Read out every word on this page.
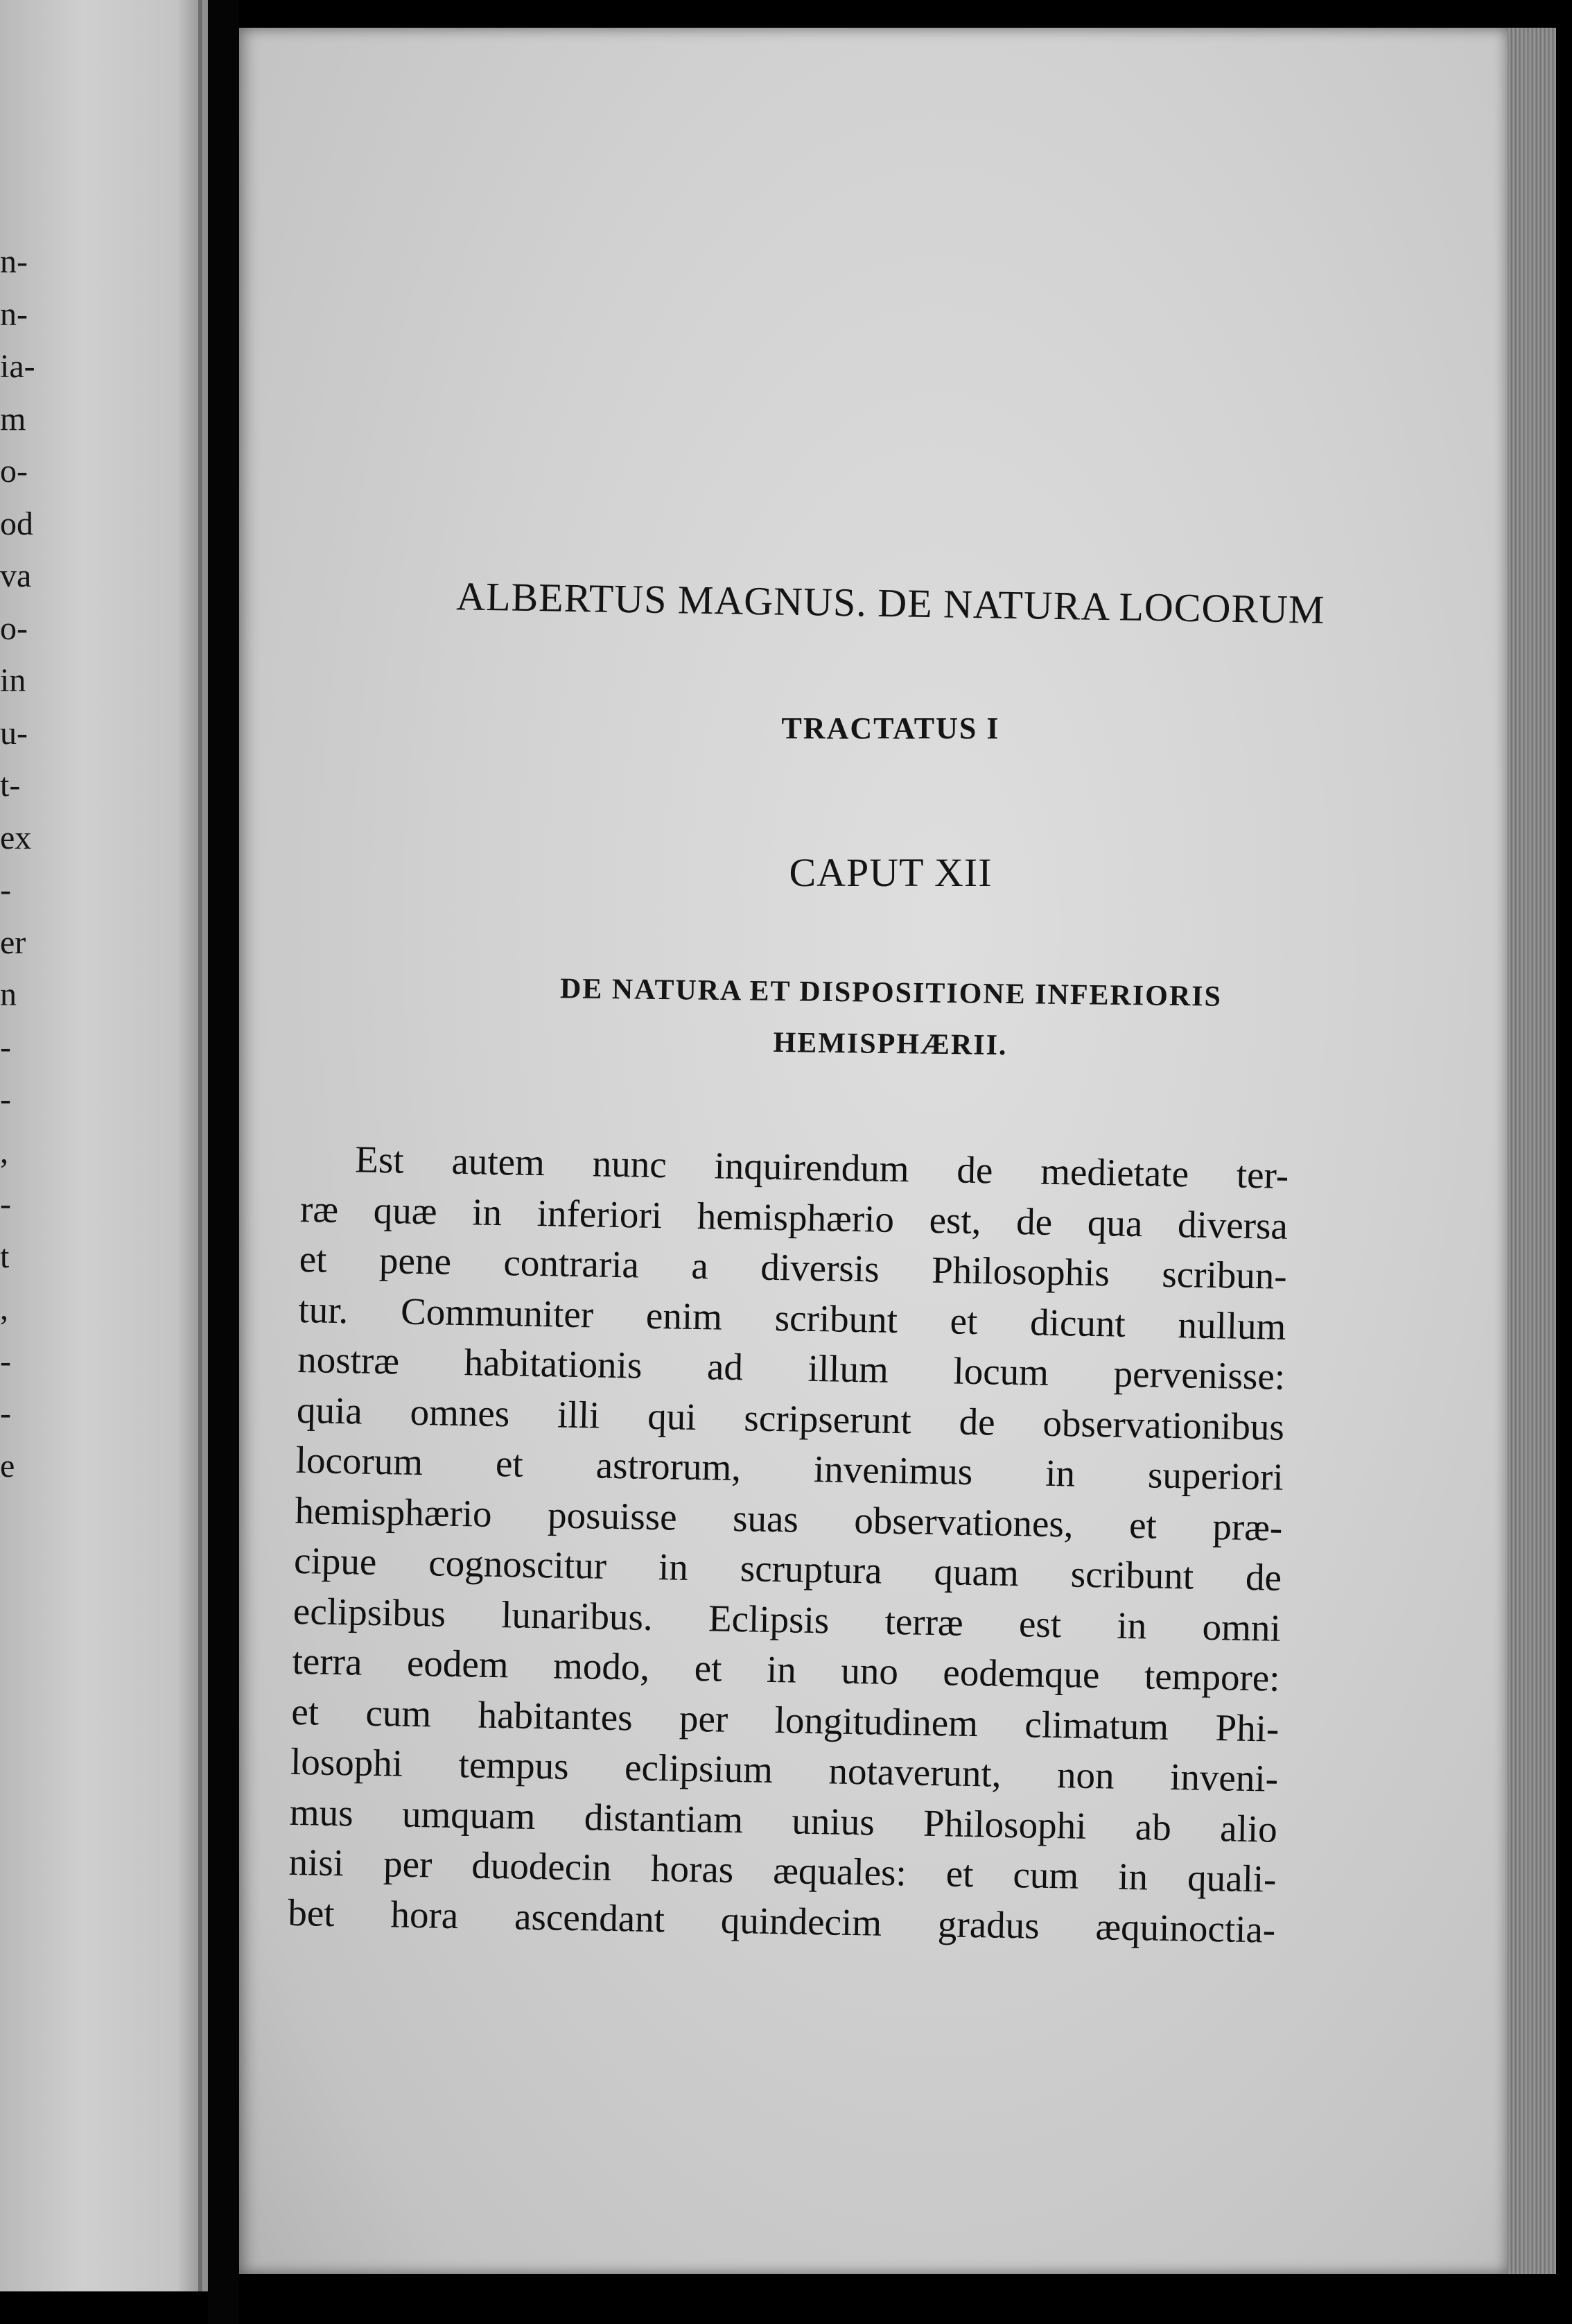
n-
n-
ia-
m
o-
od
va
o-
in
u-
t-
ex
-
er
n
-
-
,
-
t
,
-
-
e
ALBERTUS MAGNUS. DE NATURA LOCORUM
TRACTATUS I
CAPUT XII
DE NATURA ET DISPOSITIONE INFERIORIS
HEMISPHÆRII.
Est autem nunc inquirendum de medietate ter-
ræ quæ in inferiori hemisphærio est, de qua diversa
et pene contraria a diversis Philosophis scribun-
tur. Communiter enim scribunt et dicunt nullum
nostræ habitationis ad illum locum pervenisse:
quia omnes illi qui scripserunt de observationibus
locorum et astrorum, invenimus in superiori
hemisphærio posuisse suas observationes, et præ-
cipue cognoscitur in scruptura quam scribunt de
eclipsibus lunaribus. Eclipsis terræ est in omni
terra eodem modo, et in uno eodemque tempore:
et cum habitantes per longitudinem climatum Phi-
losophi tempus eclipsium notaverunt, non inveni-
mus umquam distantiam unius Philosophi ab alio
nisi per duodecin horas æquales: et cum in quali-
bet hora ascendant quindecim gradus æquinoctia-
